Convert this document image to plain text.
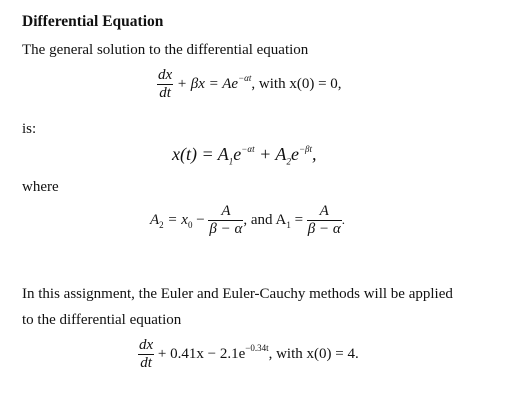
Differential Equation
The general solution to the differential equation
$\frac{dx}{dt} + \beta x = Ae^{-\alpha t}$, with x(0) = 0,
is:
$x(t) = A_1e^{-\alpha t} + A_2e^{-\beta t}$,
where
$A_2 = x_0 - \frac{A}{\beta - \alpha}$ , and $A_1 = \frac{A}{\beta - \alpha}$ .
In this assignment, the Euler and Euler-Cauchy methods will be applied
to the differential equation
$\frac{dx}{dt} + 0.41x - 2.1e^{-0.34t}$, with x(0) = 4.
